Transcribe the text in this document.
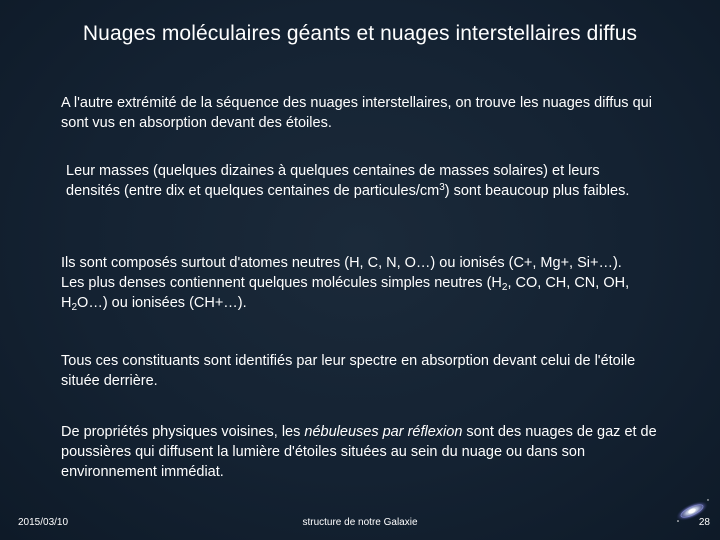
Nuages moléculaires géants et nuages interstellaires diffus

A l'autre extrémité de la séquence des nuages interstellaires, on trouve les nuages diffus qui sont vus en absorption devant des étoiles.

Leur masses (quelques dizaines à quelques centaines de masses solaires) et leurs densités (entre dix et quelques centaines de particules/$cm^3$) sont beaucoup plus faibles.

Ils sont composés surtout d'atomes neutres (H, C, N, O…) ou ionisés (C+, Mg+, Si+…).
Les plus denses contiennent quelques molécules simples neutres ($H_2$, CO, CH, CN, OH, $H_2O\dots$) ou ionisées (CH+…).

Tous ces constituants sont identifiés par leur spectre en absorption devant celui de l'étoile située derrière.

De propriétés physiques voisines, les nébuleuses par réflexion sont des nuages de gaz et de poussières qui diffusent la lumière d'étoiles situées au sein du nuage ou dans son environnement immédiat.

2015/03/10	structure de notre Galaxie	28
